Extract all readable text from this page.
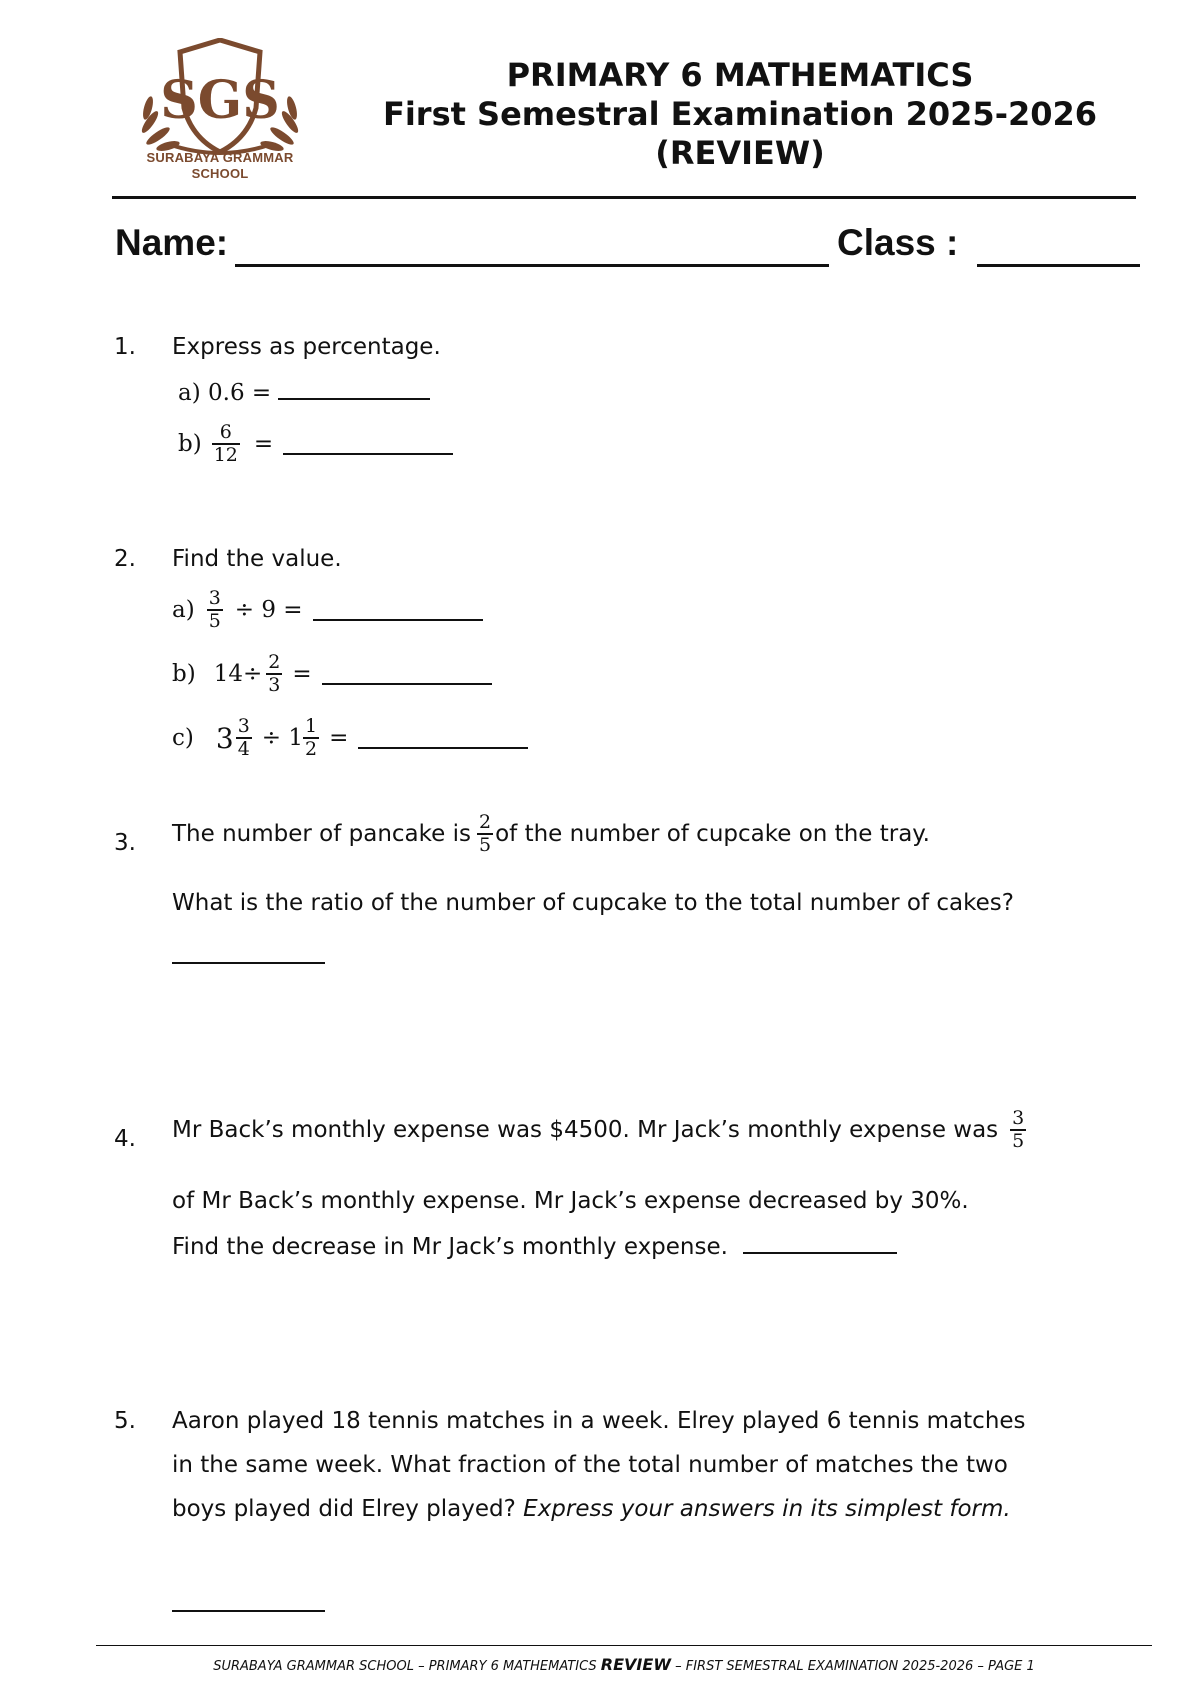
SGS
SURABAYA GRAMMAR
SCHOOL
PRIMARY 6 MATHEMATICS
First Semestral Examination 2025-2026
(REVIEW)
Name:	Class :
1. Express as percentage.
a) 0.6 =
$b) \frac{6}{12}$ =
2. Find the value.
$a) \frac{3}{5} \div 9$ =
b) $14\div \frac{2}{3}$ =
c) $3 \frac{3}{4} \div 1 \frac{1}{2}$ =
3. The number of pancake is $\frac{2}{5}$ of the number of cupcake on the tray.
What is the ratio of the number of cupcake to the total number of cakes?
4. Mr Back’s monthly expense was $4500. Mr Jack’s monthly expense was $\frac{3}{5}$
of Mr Back’s monthly expense. Mr Jack’s expense decreased by 30%.
Find the decrease in Mr Jack’s monthly expense.
5. Aaron played 18 tennis matches in a week. Elrey played 6 tennis matches
in the same week. What fraction of the total number of matches the two
boys played did Elrey played? Express your answers in its simplest form.
SURABAYA GRAMMAR SCHOOL – PRIMARY 6 MATHEMATICS REVIEW – FIRST SEMESTRAL EXAMINATION 2025-2026 – PAGE 1
